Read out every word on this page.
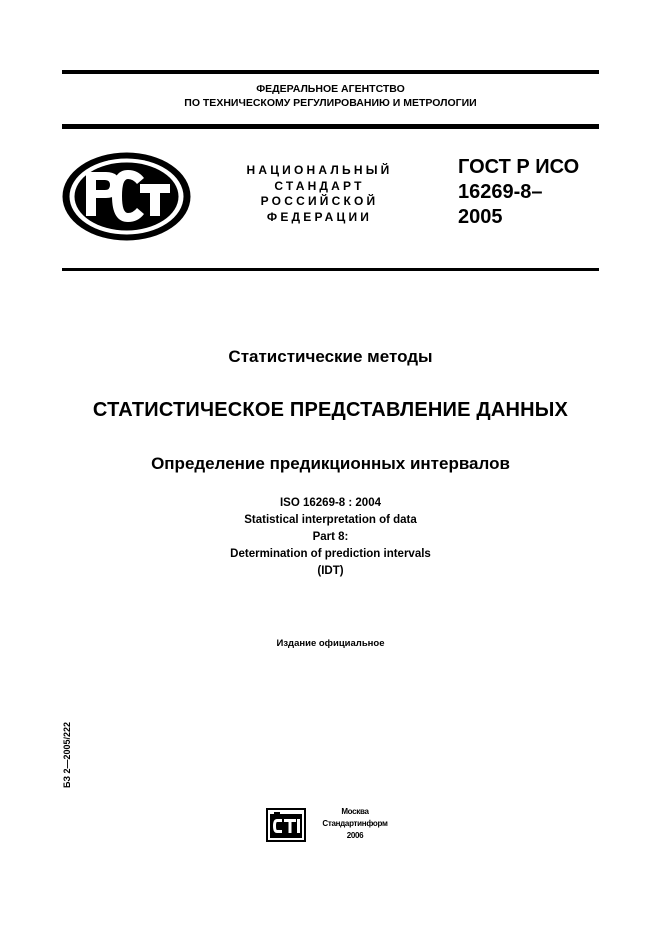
ФЕДЕРАЛЬНОЕ АГЕНТСТВО
ПО ТЕХНИЧЕСКОМУ РЕГУЛИРОВАНИЮ И МЕТРОЛОГИИ
НАЦИОНАЛЬНЫЙ
СТАНДАРТ
РОССИЙСКОЙ
ФЕДЕРАЦИИ
ГОСТ Р ИСО
16269-8–
2005
Статистические методы
СТАТИСТИЧЕСКОЕ ПРЕДСТАВЛЕНИЕ ДАННЫХ
Определение предикционных интервалов
ISO 16269-8 : 2004
Statistical interpretation of data
Part 8:
Determination of prediction intervals
(IDT)
Издание официальное
БЗ 2—2005/222
Москва
Стандартинформ
2006
